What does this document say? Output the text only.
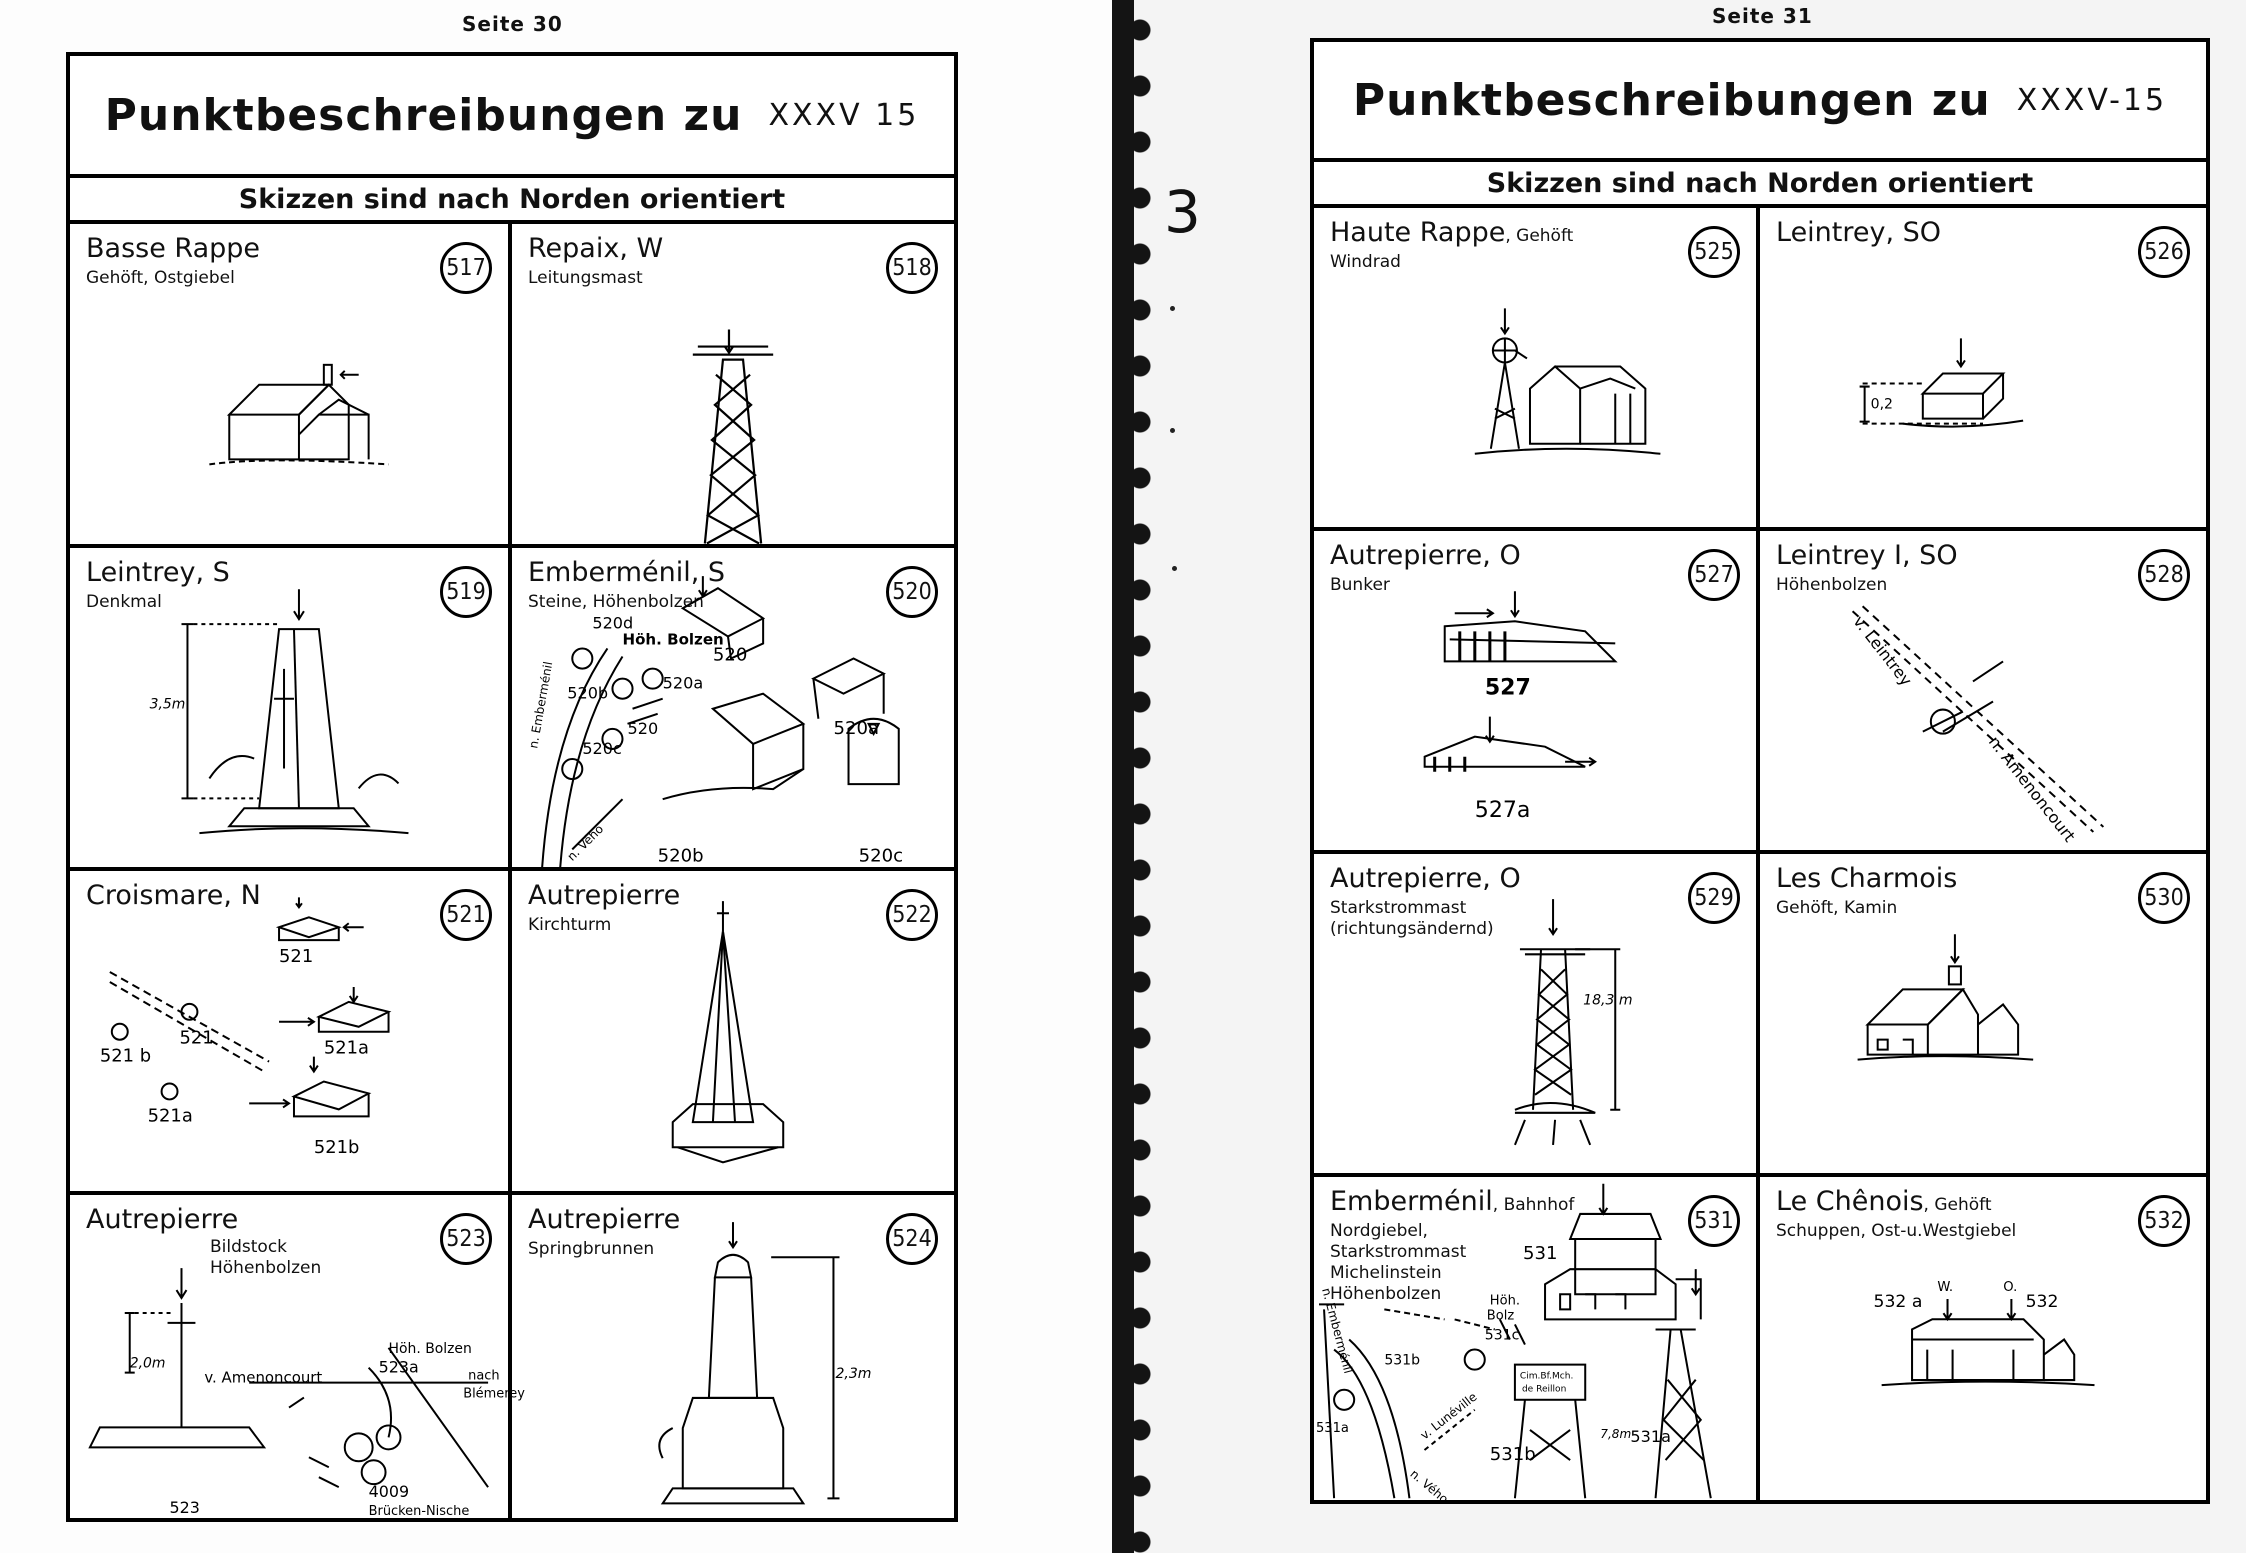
Seite 30
Punktbeschreibungen zu XXXV 15
Skizzen sind nach Norden orientiert
Basse Rappe
Gehöft, Ostgiebel	517
Repaix, W
Leitungsmast	518
Leintrey, S
Denkmal	519
3,5m
Emberménil, S
Steine, Höhenbolzen	520
520d
Höh. Bolzen
520
520b
520a
520
520c
520a
520b	520c
n. Emberménil
n. Vého
Croismare, N
521
521
521
521 b	521a
521a
521b
Autrepierre
Kirchturm	522
Autrepierre
Bildstock
Höhenbolzen
523
2,0m
v. Amenoncourt
Höh. Bolzen
523a	nach
Blémerey
4009
Brücken-Nische
523
Autrepierre
Springbrunnen	524
2,3m
Seite 31
3
Punktbeschreibungen zu XXXV-15
Skizzen sind nach Norden orientiert
Haute Rappe, Gehöft
Windrad	525
Leintrey, SO
526
0,2
Autrepierre, O
Bunker	527
527
527a
Leintrey I, SO
Höhenbolzen	528
v. Leintrey
n. Amenoncourt
Autrepierre, O
Starkstrommast
(richtungsändernd)
529
18,3 m
Les Charmois
Gehöft, Kamin	530
Emberménil, Bahnhof
Nordgiebel,
Starkstrommast
Michelinstein
Höhenbolzen
531
531
Höh.
Bolz
531c
531b
531a
Cim.Bf.Mch.
de Reillon
531b
7,8m 531a
n. Emberménil
v. Lunéville
n. Vého
Le Chênois, Gehöft
Schuppen, Ost-u.Westgiebel	532
532 a
W.	O.
532
